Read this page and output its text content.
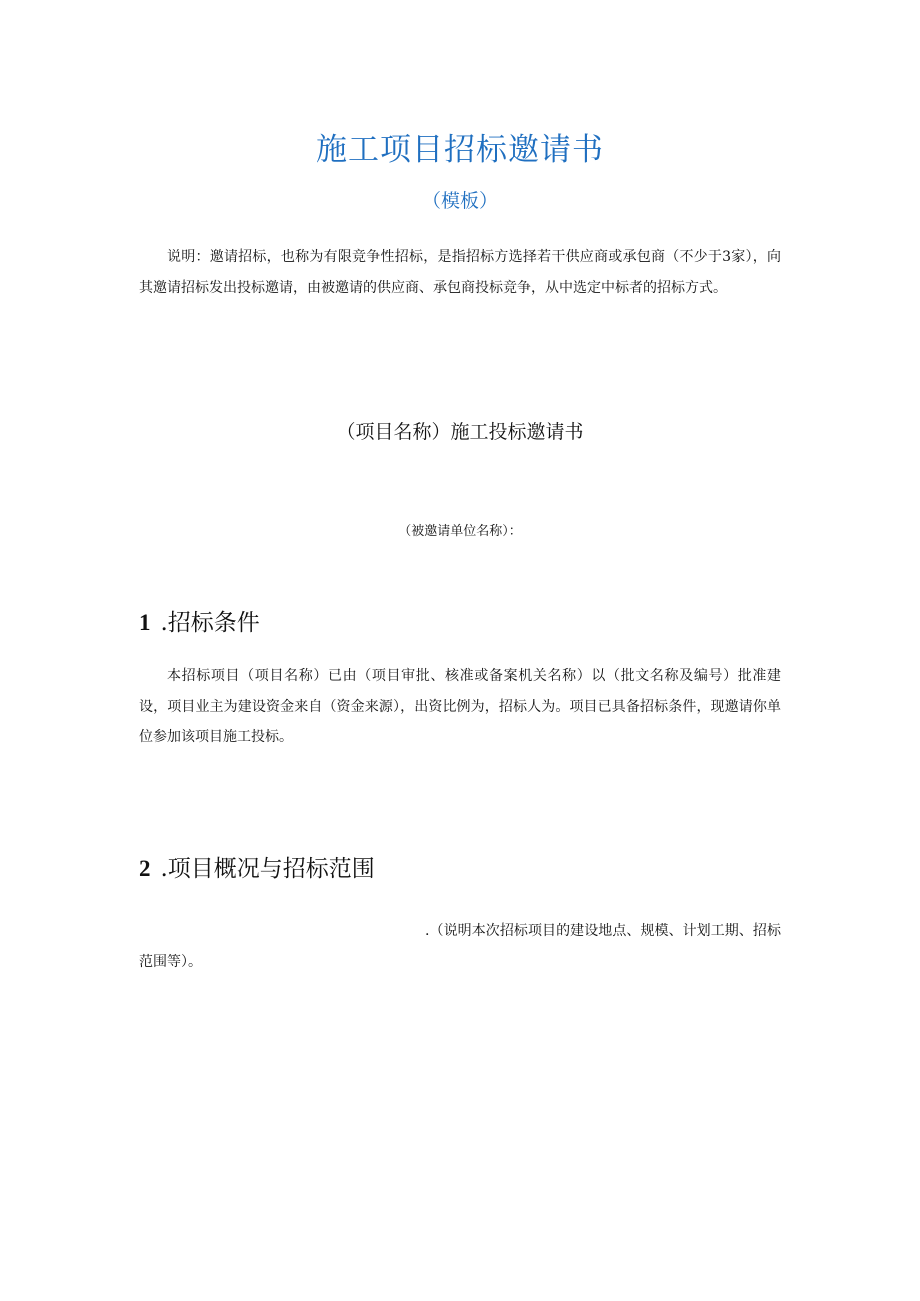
施工项目招标邀请书
（模板）

说明：邀请招标，也称为有限竞争性招标，是指招标方选择若干供应商或承包商（不少于3家），向其邀请招标发出投标邀请，由被邀请的供应商、承包商投标竞争，从中选定中标者的招标方式。

（项目名称）施工投标邀请书
（被邀请单位名称）：
1 .招标条件

本招标项目（项目名称）已由（项目审批、核准或备案机关名称）以（批文名称及编号）批准建设，项目业主为建设资金来自（资金来源），出资比例为，招标人为。项目已具备招标条件，现邀请你单位参加该项目施工投标。

2 .项目概况与招标范围

.（说明本次招标项目的建设地点、规模、计划工期、招标范围等）。
